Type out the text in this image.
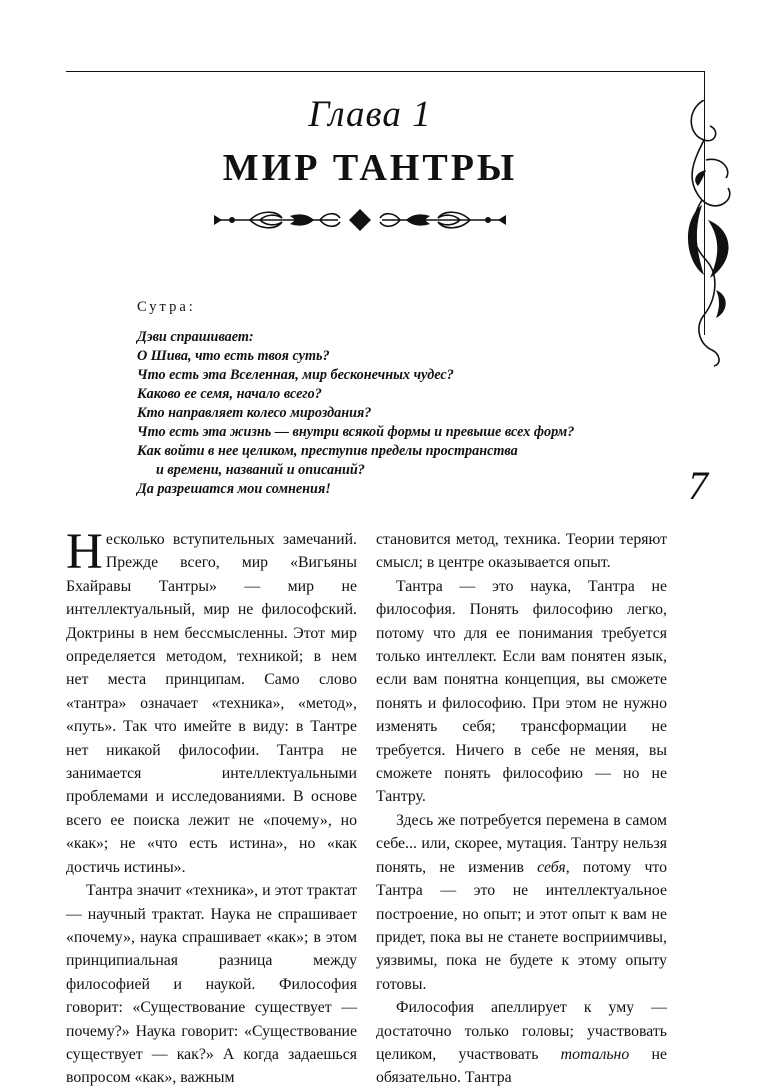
Глава 1
МИР ТАНТРЫ
7
Сутра:
Дэви спрашивает:
О Шива, что есть твоя суть?
Что есть эта Вселенная, мир бесконечных чудес?
Каково ее семя, начало всего?
Кто направляет колесо мироздания?
Что есть эта жизнь — внутри всякой формы и превыше всех форм?
Как войти в нее целиком, преступив пределы пространства
и времени, названий и описаний?
Да разрешатся мои сомнения!

Несколько вступительных замечаний. Прежде всего, мир «Вигьяны Бхайравы Тантры» — мир не интеллектуальный, мир не философский. Доктрины в нем бессмысленны. Этот мир определяется методом, техникой; в нем нет места принципам. Само слово «тантра» означает «техника», «метод», «путь». Так что имейте в виду: в Тантре нет никакой философии. Тантра не занимается интеллектуальными проблемами и исследованиями. В основе всего ее поиска лежит не «почему», но «как»; не «что есть истина», но «как достичь истины».

Тантра значит «техника», и этот трактат — научный трактат. Наука не спрашивает «почему», наука спрашивает «как»; в этом принципиальная разница между философией и наукой. Философия говорит: «Существование существует — почему?» Наука говорит: «Существование существует — как?» А когда задаешься вопросом «как», важным

становится метод, техника. Теории теряют смысл; в центре оказывается опыт.

Тантра — это наука, Тантра не философия. Понять философию легко, потому что для ее понимания требуется только интеллект. Если вам понятен язык, если вам понятна концепция, вы сможете понять и философию. При этом не нужно изменять себя; трансформации не требуется. Ничего в себе не меняя, вы сможете понять философию — но не Тантру.

Здесь же потребуется перемена в самом себе... или, скорее, мутация. Тантру нельзя понять, не изменив себя, потому что Тантра — это не интеллектуальное построение, но опыт; и этот опыт к вам не придет, пока вы не станете восприимчивы, уязвимы, пока не будете к этому опыту готовы.

Философия апеллирует к уму — достаточно только головы; участвовать целиком, участвовать тотально не обязательно. Тантра
